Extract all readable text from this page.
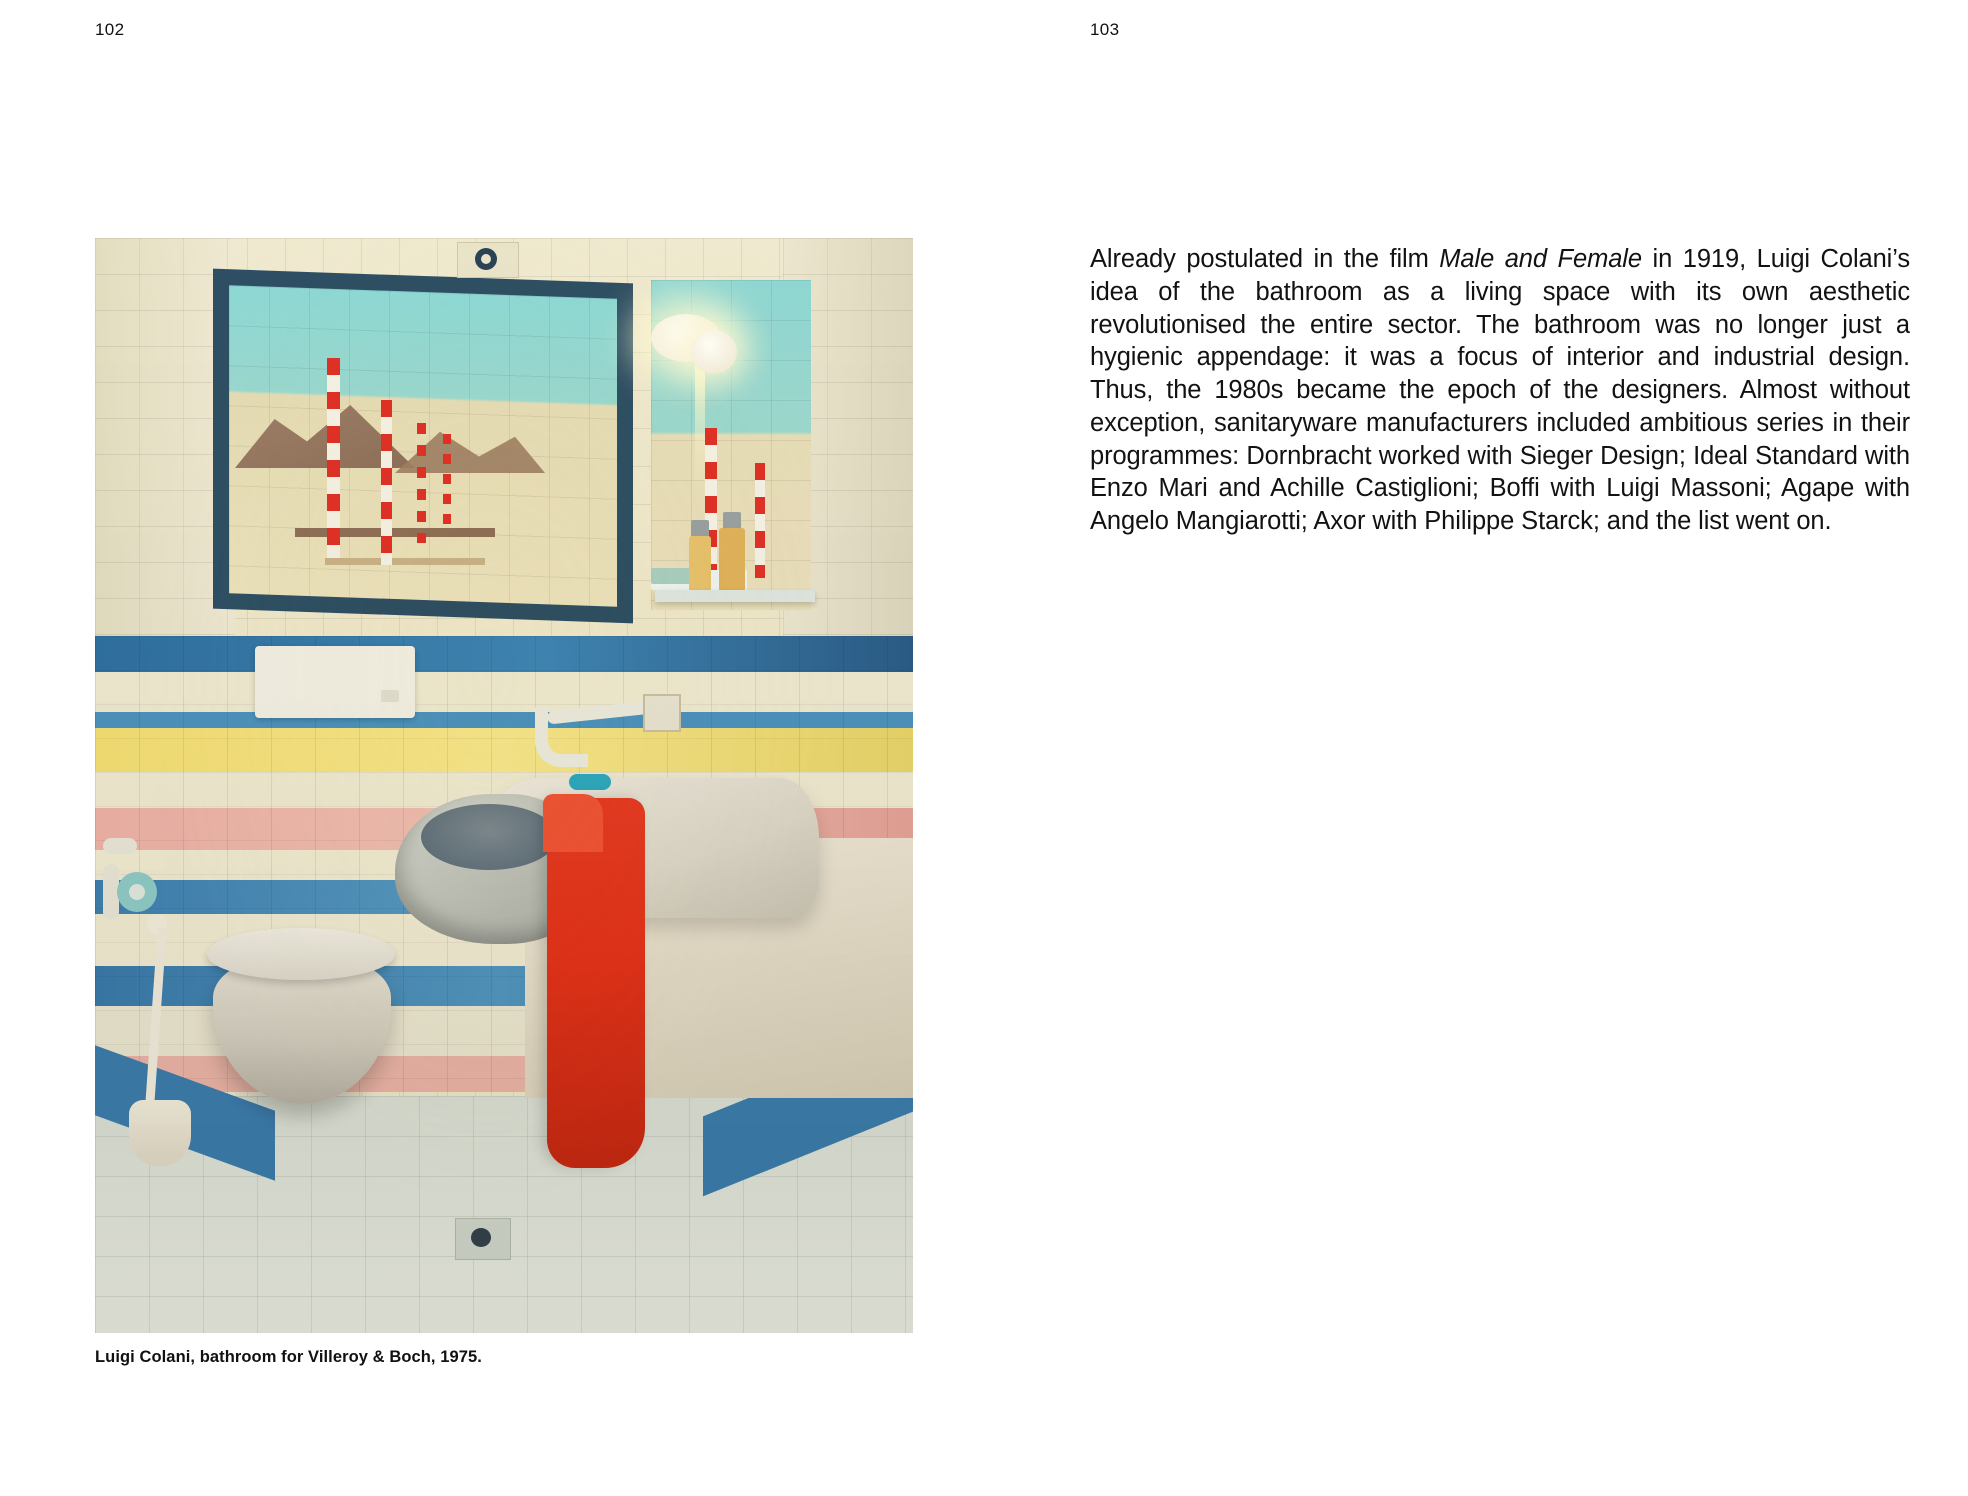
102	103
Luigi Colani, bathroom for Villeroy & Boch, 1975.

Already postulated in the film Male and Female in 1919, Luigi Colani’s idea of the bathroom as a living space with its own aesthetic revolutionised the entire sector. The bathroom was no longer just a hygienic appendage: it was a focus of interior and industrial design. Thus, the 1980s became the epoch of the designers. Almost without exception, sanitaryware manufacturers included ambitious series in their programmes: Dornbracht worked with Sieger Design; Ideal Standard with Enzo Mari and Achille Castiglioni; Boffi with Luigi Massoni; Agape with Angelo Mangiarotti; Axor with Philippe Starck; and the list went on.
